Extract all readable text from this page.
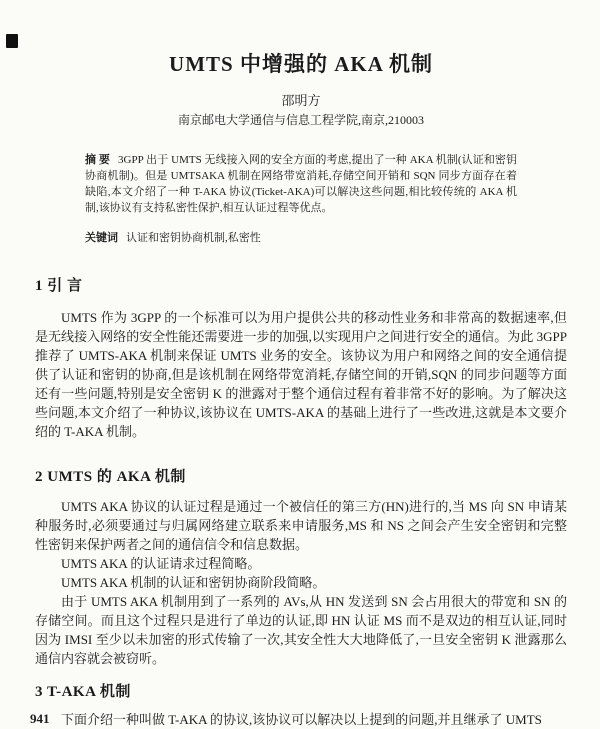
UMTS 中增强的 AKA 机制
邵明方
南京邮电大学通信与信息工程学院,南京,210003

摘 要 3GPP 出于 UMTS 无线接入网的安全方面的考虑,提出了一种 AKA 机制(认证和密钥协商机制)。但是 UMTSAKA 机制在网络带宽消耗,存储空间开销和 SQN 同步方面存在着缺陷,本文介绍了一种 T-AKA 协议(Ticket-AKA)可以解决这些问题,相比较传统的 AKA 机制,该协议有支持私密性保护,相互认证过程等优点。

关键词 认证和密钥协商机制,私密性

1 引 言

UMTS 作为 3GPP 的一个标准可以为用户提供公共的移动性业务和非常高的数据速率,但是无线接入网络的安全性能还需要进一步的加强,以实现用户之间进行安全的通信。为此 3GPP 推荐了 UMTS-AKA 机制来保证 UMTS 业务的安全。该协议为用户和网络之间的安全通信提供了认证和密钥的协商,但是该机制在网络带宽消耗,存储空间的开销,SQN 的同步问题等方面还有一些问题,特别是安全密钥 K 的泄露对于整个通信过程有着非常不好的影响。为了解决这些问题,本文介绍了一种协议,该协议在 UMTS-AKA 的基础上进行了一些改进,这就是本文要介绍的 T-AKA 机制。

2 UMTS 的 AKA 机制

UMTS AKA 协议的认证过程是通过一个被信任的第三方(HN)进行的,当 MS 向 SN 申请某种服务时,必须要通过与归属网络建立联系来申请服务,MS 和 NS 之间会产生安全密钥和完整性密钥来保护两者之间的通信信令和信息数据。

UMTS AKA 的认证请求过程简略。

UMTS AKA 机制的认证和密钥协商阶段简略。

由于 UMTS AKA 机制用到了一系列的 AVs,从 HN 发送到 SN 会占用很大的带宽和 SN 的存储空间。而且这个过程只是进行了单边的认证,即 HN 认证 MS 而不是双边的相互认证,同时因为 IMSI 至少以未加密的形式传输了一次,其安全性大大地降低了,一旦安全密钥 K 泄露那么通信内容就会被窃听。

3 T-AKA 机制

下面介绍一种叫做 T-AKA 的协议,该协议可以解决以上提到的问题,并且继承了 UMTS

941
